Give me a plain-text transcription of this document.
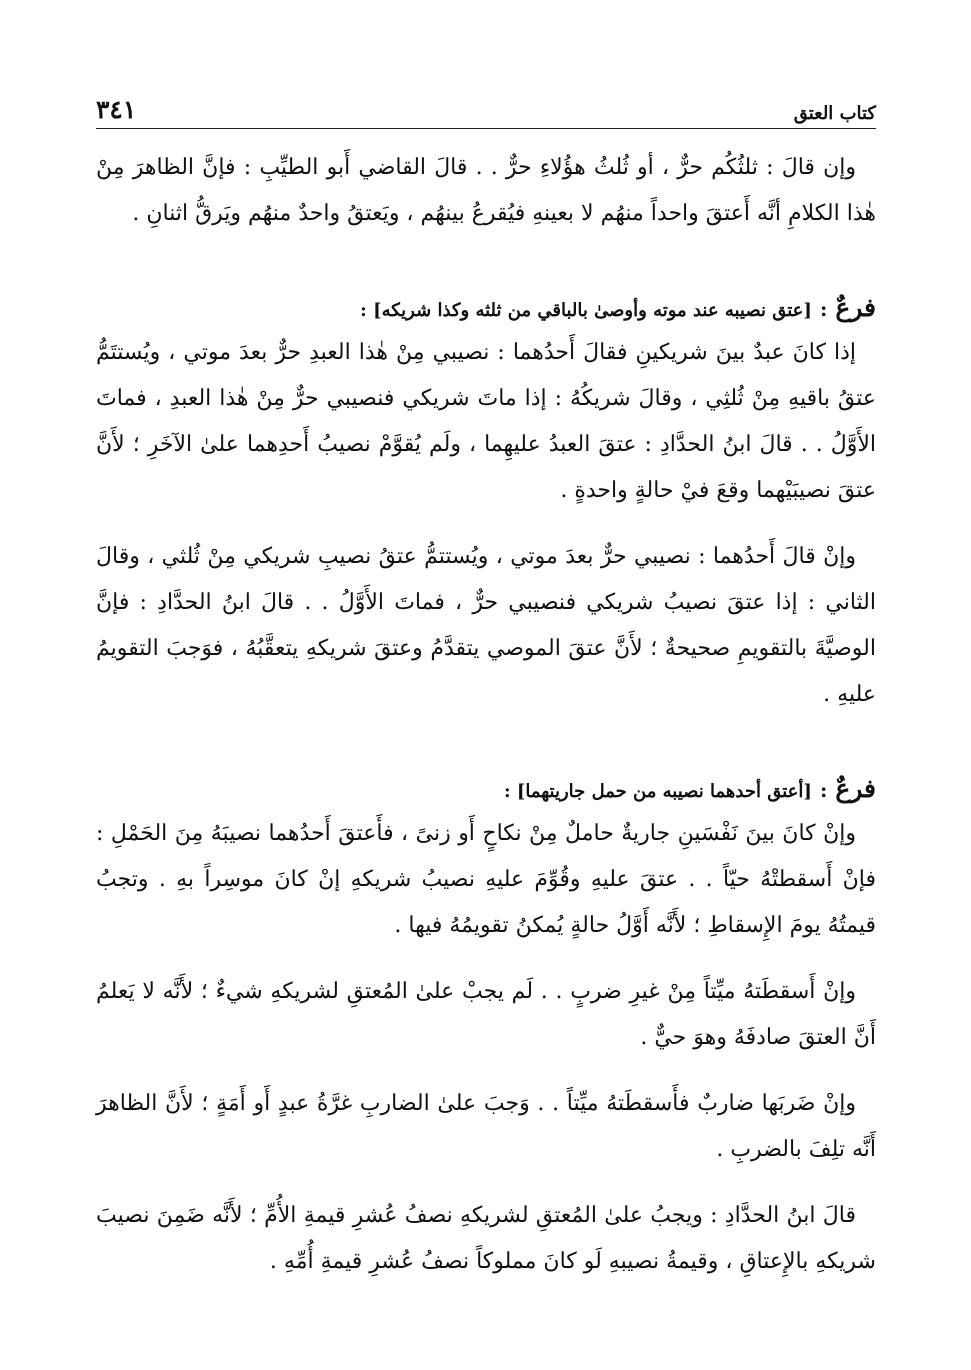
كتاب العتق
٣٤١

وإن قالَ : ثلثُكُم حرٌّ ، أو ثُلثُ هؤُلاءِ حرٌّ . . قالَ القاضي أَبو الطيِّبِ : فإنَّ الظاهرَ مِنْ هٰذا الكلامِ أنَّه أَعتقَ واحداً منهُم لا بعينهِ فيُقرعُ بينهُم ، ويَعتقُ واحدٌ منهُم ويَرقُّ اثنانِ .

فرعٌ
:
[عتق نصيبه عند موته وأوصىٰ بالباقي من ثلثه وكذا شريكه] :

إذا كانَ عبدٌ بينَ شريكينِ فقالَ أَحدُهما : نصيبي مِنْ هٰذا العبدِ حرٌّ بعدَ موتي ، ويُستتَمُّ عتقُ باقيهِ مِنْ ثُلثِي ، وقالَ شريكُهُ : إذا ماتَ شريكي فنصيبي حرٌّ مِنْ هٰذا العبدِ ، فماتَ الأَوَّلُ . . قالَ ابنُ الحدَّادِ : عتقَ العبدُ عليهِما ، ولَم يُقوَّمْ نصيبُ أَحدِهما علىٰ الآخَرِ ؛ لأَنَّ عتقَ نصيبَيْهما وقعَ فيْ حالةٍ واحدةٍ .

وإنْ قالَ أَحدُهما : نصيبي حرٌّ بعدَ موتي ، ويُستتمُّ عتقُ نصيبِ شريكي مِنْ ثُلثي ، وقالَ الثاني : إذا عتقَ نصيبُ شريكي فنصيبي حرٌّ ، فماتَ الأَوَّلُ . . قالَ ابنُ الحدَّادِ : فإنَّ الوصيَّةَ بالتقويمِ صحيحةٌ ؛ لأَنَّ عتقَ الموصي يتقدَّمُ وعتقَ شريكهِ يتعقَّبُهُ ، فوَجبَ التقويمُ عليهِ .

فرعٌ
:
[أعتق أحدهما نصيبه من حمل جاريتهما] :

وإنْ كانَ بينَ نَفْسَينِ جاريةٌ حاملٌ مِنْ نكاحٍ أَو زنىً ، فأَعتقَ أَحدُهما نصيبَهُ مِنَ الحَمْلِ : فإنْ أَسقطتْهُ حيّاً . . عتقَ عليهِ وقُوِّمَ عليهِ نصيبُ شريكهِ إنْ كانَ موسِراً بهِ . وتجبُ قيمتُهُ يومَ الإِسقاطِ ؛ لأَنَّه أَوَّلُ حالةٍ يُمكنُ تقويمُهُ فيها .

وإنْ أَسقطَتهُ ميِّتاً مِنْ غيرِ ضربٍ . . لَم يجبْ علىٰ المُعتقِ لشريكهِ شيءٌ ؛ لأَنَّه لا يَعلمُ أَنَّ العتقَ صادفَهُ وهوَ حيٌّ .

وإنْ ضَربَها ضاربٌ فأَسقطَتهُ ميِّتاً . . وَجبَ علىٰ الضاربِ غرَّةُ عبدٍ أَو أَمَةٍ ؛ لأَنَّ الظاهرَ أَنَّه تلِفَ بالضربِ .

قالَ ابنُ الحدَّادِ : ويجبُ علىٰ المُعتقِ لشريكهِ نصفُ عُشرِ قيمةِ الأُمِّ ؛ لأَنَّه ضَمِنَ نصيبَ شريكهِ بالإِعتاقِ ، وقيمةُ نصيبهِ لَو كانَ مملوكاً نصفُ عُشرِ قيمةِ أُمِّهِ .
